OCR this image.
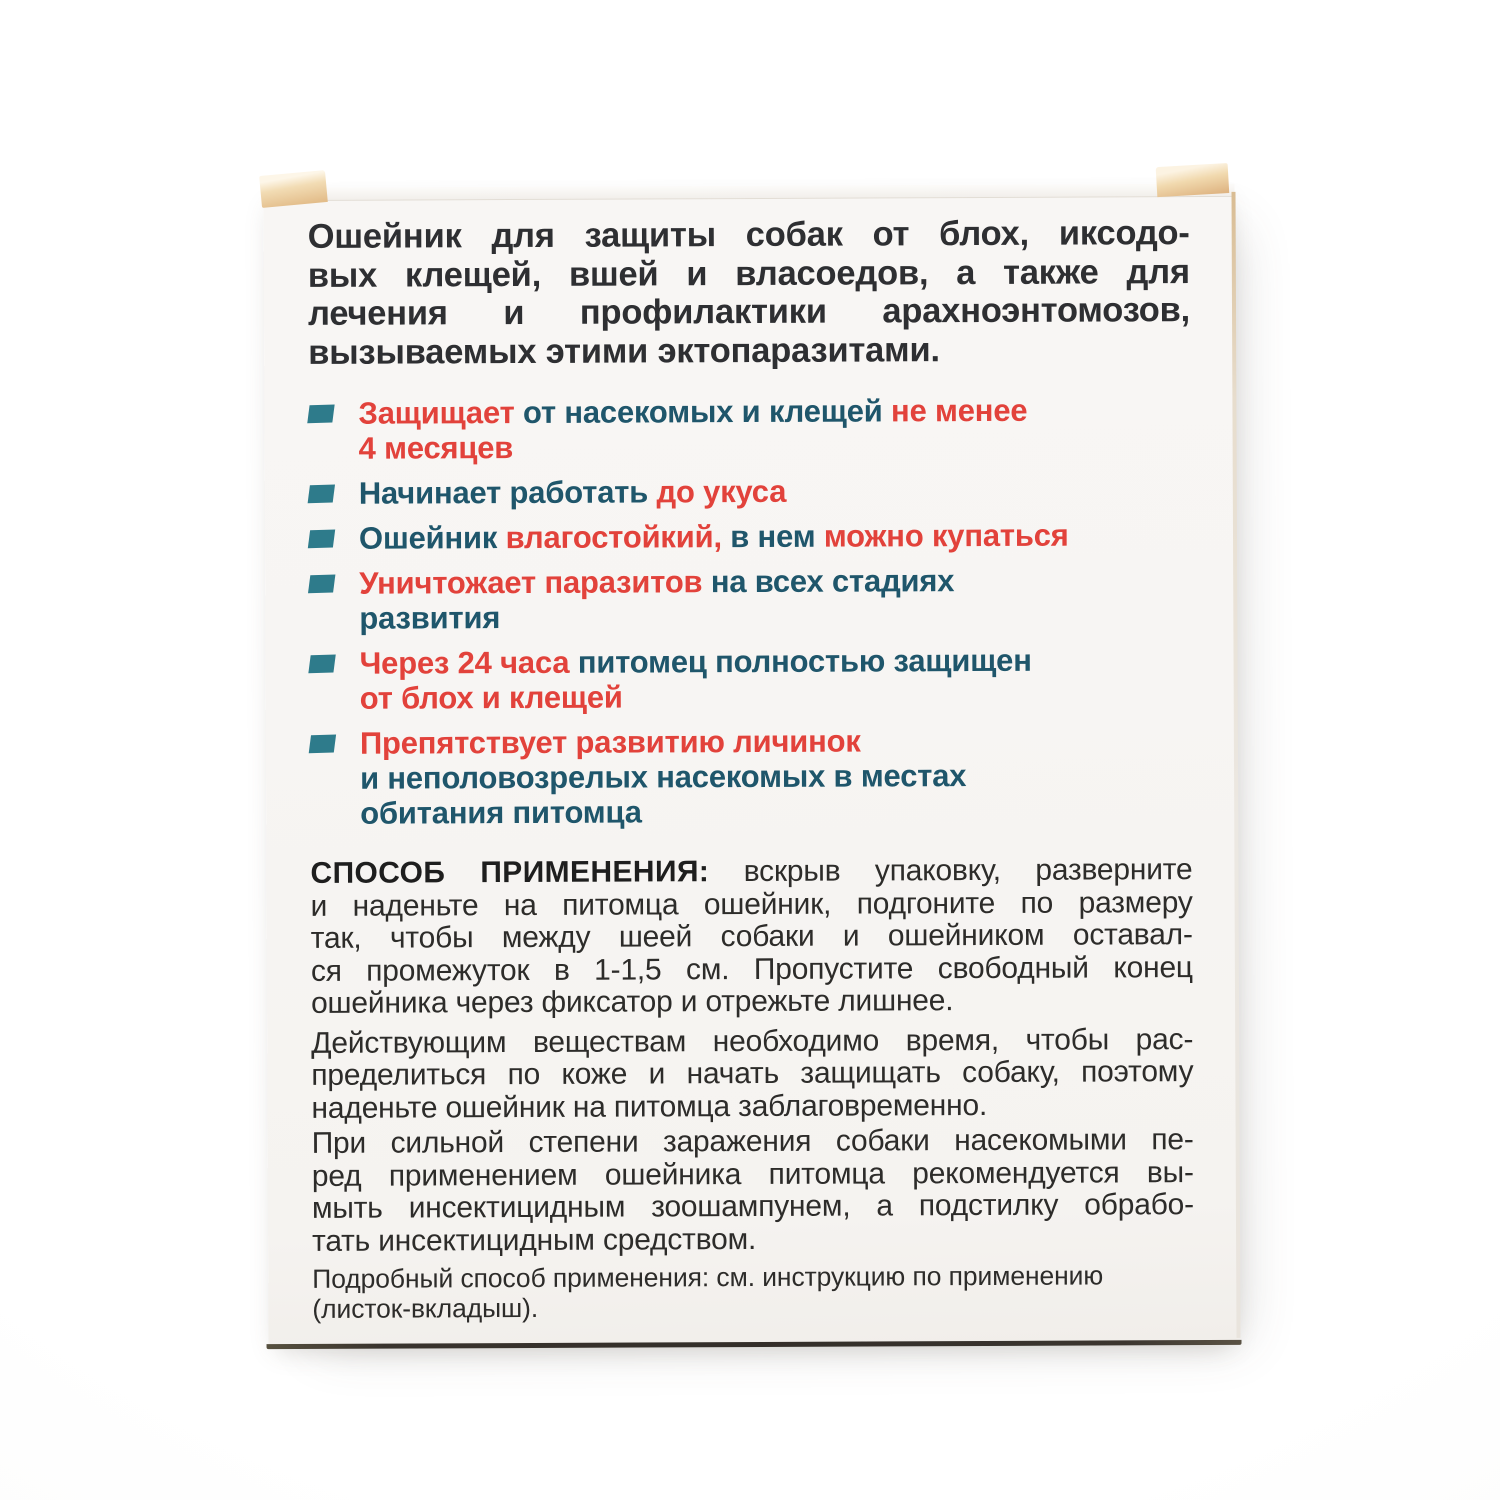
Ошейник для защиты собак от блох, иксодо-
вых клещей, вшей и власоедов, а также для
лечения и профилактики арахноэнтомозов,
вызываемых этими эктопаразитами.
Защищает от насекомых и клещей не менее
4 месяцев
Начинает работать до укуса
Ошейник влагостойкий, в нем можно купаться
Уничтожает паразитов на всех стадиях
развития
Через 24 часа питомец полностью защищен
от блох и клещей
Препятствует развитию личинок
и неполовозрелых насекомых в местах
обитания питомца
СПОСОБ ПРИМЕНЕНИЯ: вскрыв упаковку, разверните
и наденьте на питомца ошейник, подгоните по размеру
так, чтобы между шеей собаки и ошейником оставал-
ся промежуток в 1-1,5 см. Пропустите свободный конец
ошейника через фиксатор и отрежьте лишнее.
Действующим веществам необходимо время, чтобы рас-
пределиться по коже и начать защищать собаку, поэтому
наденьте ошейник на питомца заблаговременно.
При сильной степени заражения собаки насекомыми пе-
ред применением ошейника питомца рекомендуется вы-
мыть инсектицидным зоошампунем, а подстилку обрабо-
тать инсектицидным средством.
Подробный способ применения: см. инструкцию по применению
(листок-вкладыш).
